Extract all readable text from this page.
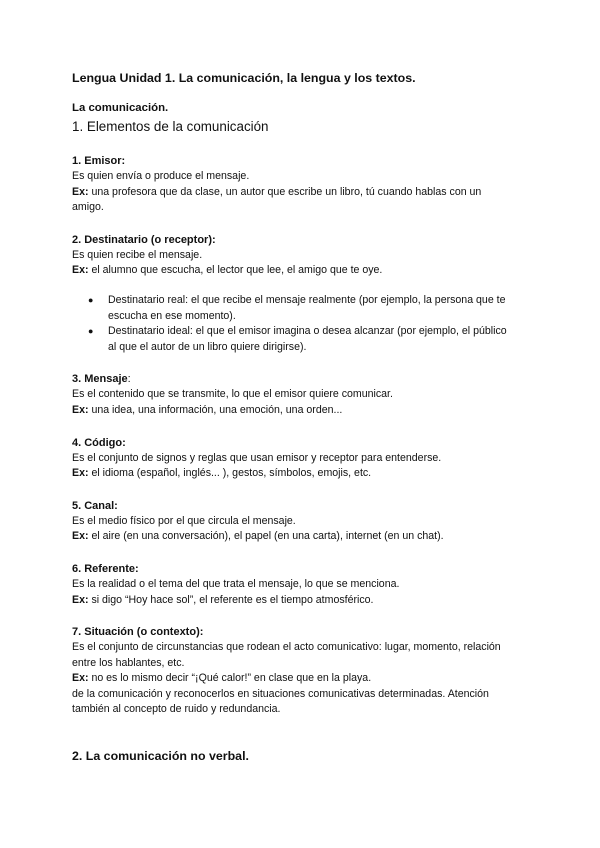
Lengua Unidad 1. La comunicación, la lengua y los textos.
La comunicación.
1. Elementos de la comunicación

1. Emisor:

Es quien envía o produce el mensaje.

Ex: una profesora que da clase, un autor que escribe un libro, tú cuando hablas con un

amigo.

2. Destinatario (o receptor):

Es quien recibe el mensaje.

Ex: el alumno que escucha, el lector que lee, el amigo que te oye.

● Destinatario real: el que recibe el mensaje realmente (por ejemplo, la persona que te
escucha en ese momento).
● Destinatario ideal: el que el emisor imagina o desea alcanzar (por ejemplo, el público
al que el autor de un libro quiere dirigirse).

3. Mensaje:

Es el contenido que se transmite, lo que el emisor quiere comunicar.

Ex: una idea, una información, una emoción, una orden...

4. Código:

Es el conjunto de signos y reglas que usan emisor y receptor para entenderse.

Ex: el idioma (español, inglés... ), gestos, símbolos, emojis, etc.

5. Canal:

Es el medio físico por el que circula el mensaje.

Ex: el aire (en una conversación), el papel (en una carta), internet (en un chat).

6. Referente:

Es la realidad o el tema del que trata el mensaje, lo que se menciona.

Ex: si digo “Hoy hace sol”, el referente es el tiempo atmosférico.

7. Situación (o contexto):

Es el conjunto de circunstancias que rodean el acto comunicativo: lugar, momento, relación

entre los hablantes, etc.

Ex: no es lo mismo decir “¡Qué calor!” en clase que en la playa.

de la comunicación y reconocerlos en situaciones comunicativas determinadas. Atención

también al concepto de ruido y redundancia.

2. La comunicación no verbal.
